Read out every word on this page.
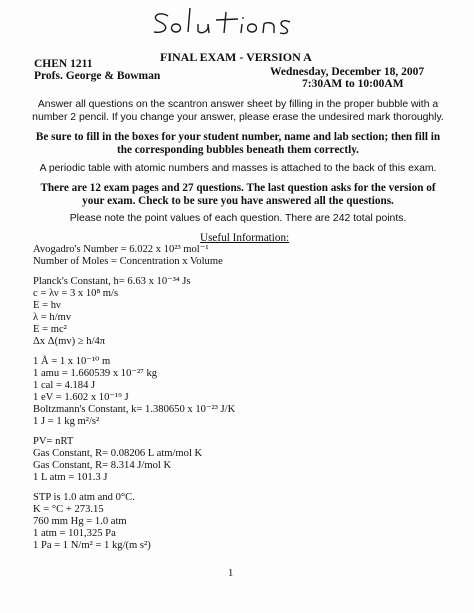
FINAL EXAM - VERSION A
CHEN 1211
Profs. George & Bowman	Wednesday, December 18, 2007
7:30AM to 10:00AM
Answer all questions on the scantron answer sheet by filling in the proper bubble with a number 2 pencil. If you change your answer, please erase the undesired mark thoroughly.
Be sure to fill in the boxes for your student number, name and lab section; then fill in the corresponding bubbles beneath them correctly.
A periodic table with atomic numbers and masses is attached to the back of this exam.
There are 12 exam pages and 27 questions. The last question asks for the version of your exam. Check to be sure you have answered all the questions.
Please note the point values of each question. There are 242 total points.
Useful Information:
Avogadro's Number = 6.022 x 10²³ mol⁻¹
Number of Moles = Concentration x Volume
Planck's Constant, h= 6.63 x 10⁻³⁴ Js
c = λν = 3 x 10⁸ m/s
E = hν
λ = h/mv
E = mc²
Δx Δ(mv) ≥ h/4π
1 Å = 1 x 10⁻¹⁰ m
1 amu = 1.660539 x 10⁻²⁷ kg
1 cal = 4.184 J
1 eV = 1.602 x 10⁻¹⁹ J
Boltzmann's Constant, k= 1.380650 x 10⁻²³ J/K
1 J = 1 kg m²/s²
PV= nRT
Gas Constant, R= 0.08206 L atm/mol K
Gas Constant, R= 8.314 J/mol K
1 L atm = 101.3 J
STP is 1.0 atm and 0°C.
K = °C + 273.15
760 mm Hg = 1.0 atm
1 atm = 101,325 Pa
1 Pa = 1 N/m² = 1 kg/(m s²)
1
